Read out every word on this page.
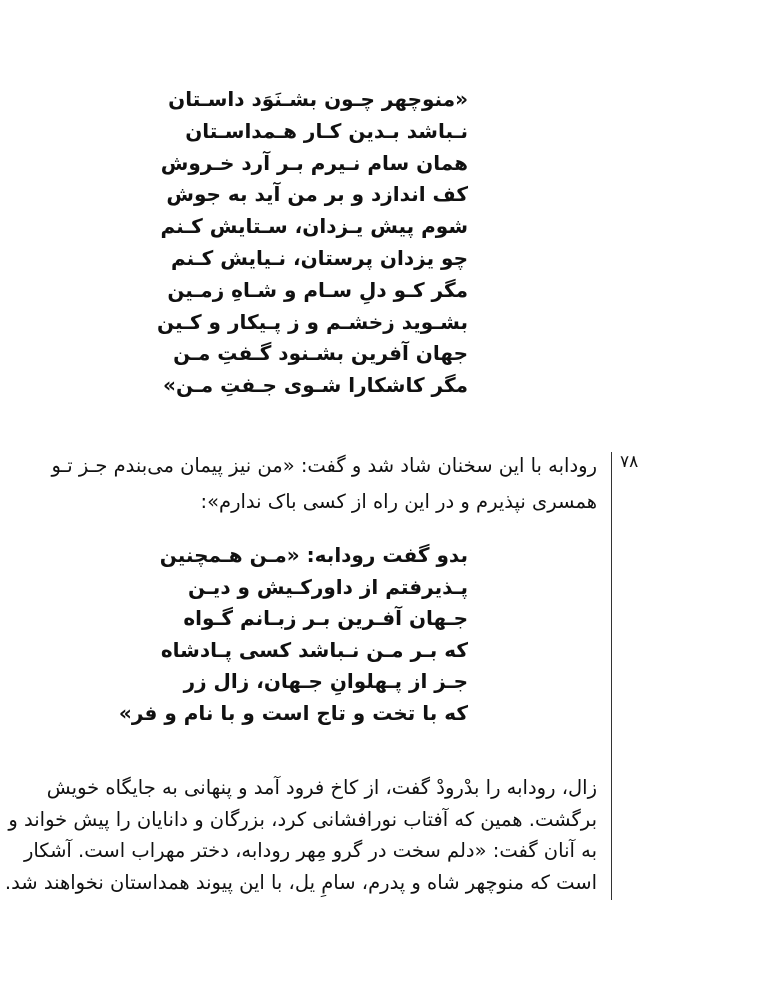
«منوچهر چـون بشـنَوَد داسـتان
نـباشد بـدین کـار هـمداسـتان
همان سام نـیرم بـر آرد خـروش
کف اندازد و بر من آید به جوش
شوم پیش یـزدان، سـتایش کـنم
چو یزدان پرستان، نـیایش کـنم
مگر کـو دلِ سـام و شـاهِ زمـین
بشـوید زخشـم و ز پـیکار و کـین
جهان آفرین بشـنود گـفتِ مـن
مگر کاشکارا شـوی جـفتِ مـن»
۷۸
رودابه با این سخنان شاد شد و گفت: «من نیز پیمان می‌بندم جـز تـو
همسری نپذیرم و در این راه از کسی باک ندارم»:
بدو گفت رودابه: «مـن هـمچنین
پـذیرفتم از داورکـیش و دیـن
جـهان آفـرین بـر زبـانم گـواه
که بـر مـن نـباشد کسی پـادشاه
جـز از پـهلوانِ جـهان، زال زر
که با تخت و تاج است و با نام و فر»
زال، رودابه را بدْرودْ گفت، از کاخ فرود آمد و پنهانی به جایگاه خویش
برگشت. همین که آفتاب نورافشانی کرد، بزرگان و دانایان را پیش خواند و
به آنان گفت: «دلم سخت در گرو مِهر رودابه، دختر مهراب است. آشکار
است که منوچهر شاه و پدرم، سامِ یل، با این پیوند همداستان نخواهند شد.
